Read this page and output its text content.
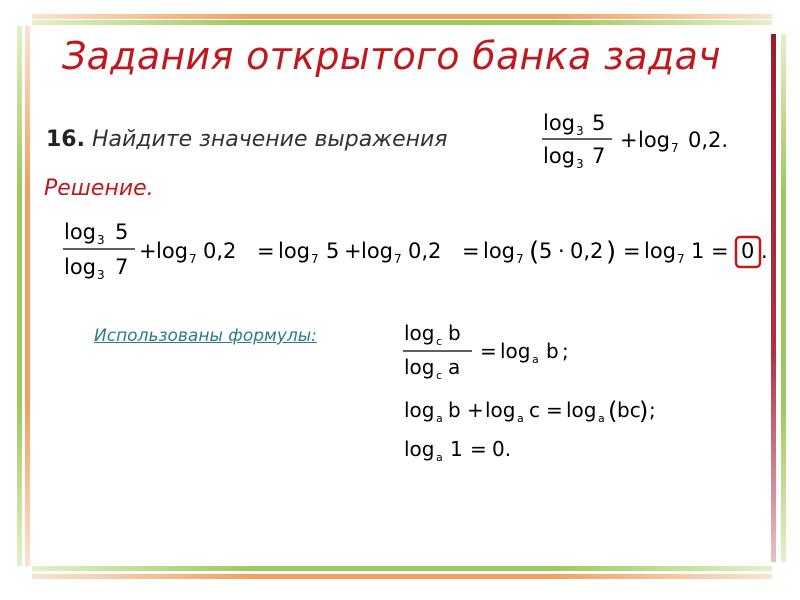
Задания открытого банка задач
16. Найдите значение выражения
log 3 5
log 3 7
+ log 7 0,2.
Решение.
log 3 5
log 3 7
+ log 7 0,2 = log 7 5 + log 7 0,2 = log 7 ( 5 · 0,2 ) = log 7 1 = 0 .
Использованы формулы:	log c b
log c a
= log a b ;
log a b + log a c = log a ( bc
) ;
log a 1 = 0.
